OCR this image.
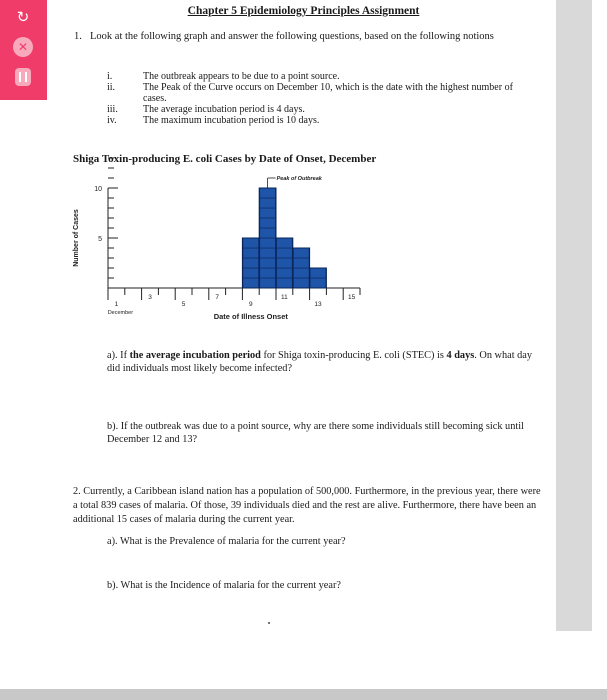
↻
✕
Chapter 5 Epidemiology Principles Assignment
1. Look at the following graph and answer the following questions, based on the following notions
i.	The outbreak appears to be due to a point source.
ii.	The Peak of the Curve occurs on December 10, which is the date with the highest number of cases.
iii.	The average incubation period is 4 days.
iv.	The maximum incubation period is 10 days.
Shiga Toxin-producing E. coli Cases by Date of Onset, December
5
10
Number of Cases
1
3
5
7
9
11
13
15
December	Date of Illness Onset
Peak of Outbreak
a). If the average incubation period for Shiga toxin-producing E. coli (STEC) is 4 days. On what day did individuals most likely become infected?
b). If the outbreak was due to a point source, why are there some individuals still becoming sick until December 12 and 13?
2. Currently, a Caribbean island nation has a population of 500,000. Furthermore, in the previous year, there were a total 839 cases of malaria. Of those, 39 individuals died and the rest are alive. Furthermore, there have been an additional 15 cases of malaria during the current year.
a). What is the Prevalence of malaria for the current year?
b). What is the Incidence of malaria for the current year?
